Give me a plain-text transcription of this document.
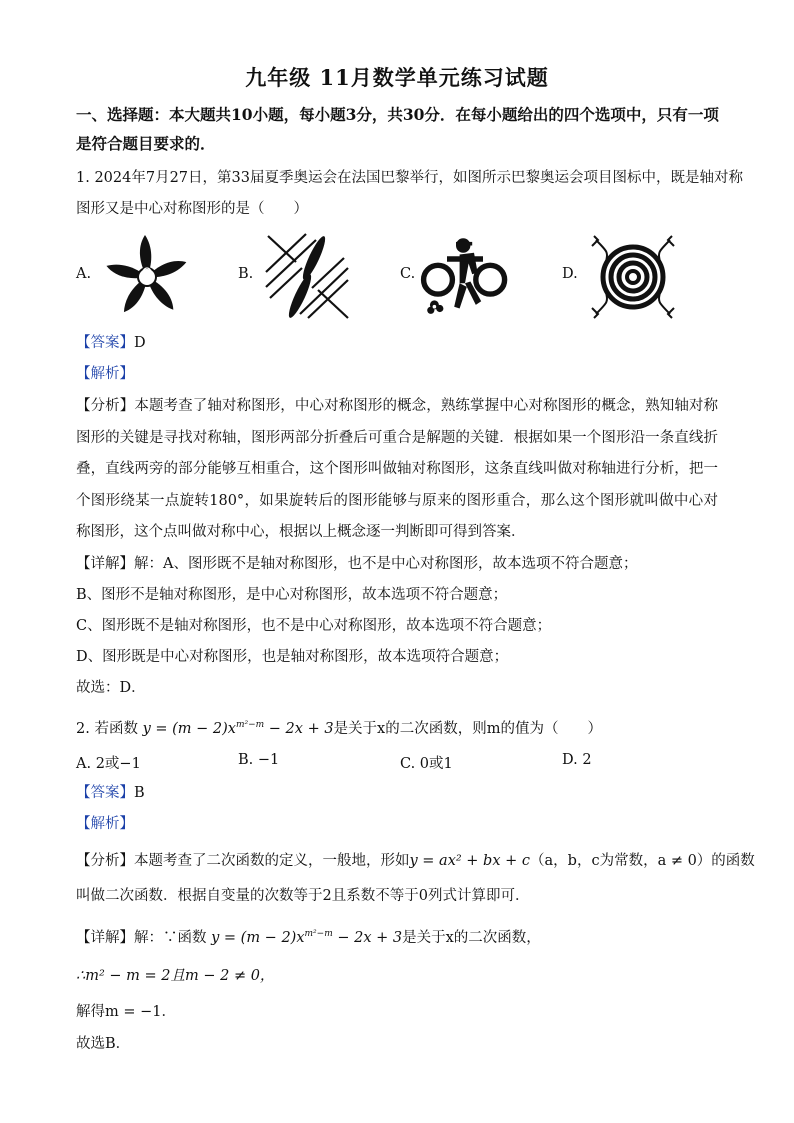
九年级 11月数学单元练习试题
一、选择题：本大题共10小题，每小题3分，共30分．在每小题给出的四个选项中，只有一项是符合题目要求的．
1. 2024年7月27日，第33届夏季奥运会在法国巴黎举行，如图所示巴黎奥运会项目图标中，既是轴对称
图形又是中心对称图形的是（　　）
A.	B.	C.	D.
【答案】D
【解析】
【分析】本题考查了轴对称图形，中心对称图形的概念，熟练掌握中心对称图形的概念，熟知轴对称图形的关键是寻找对称轴，图形两部分折叠后可重合是解题的关键．根据如果一个图形沿一条直线折叠，直线两旁的部分能够互相重合，这个图形叫做轴对称图形，这条直线叫做对称轴进行分析，把一个图形绕某一点旋转180°，如果旋转后的图形能够与原来的图形重合，那么这个图形就叫做中心对称图形，这个点叫做对称中心，根据以上概念逐一判断即可得到答案．
【详解】解：A、图形既不是轴对称图形，也不是中心对称图形，故本选项不符合题意；
B、图形不是轴对称图形，是中心对称图形，故本选项不符合题意；
C、图形既不是轴对称图形，也不是中心对称图形，故本选项不符合题意；
D、图形既是中心对称图形，也是轴对称图形，故本选项符合题意；
故选：D．
2. 若函数 $y = (m - 2)x^{m^2-m} - 2x + 3$是关于x的二次函数，则m的值为（　　）
A. 2或−1	B. −1	C. 0或1	D. 2
【答案】B
【解析】
【分析】本题考查了二次函数的定义，一般地，形如y = ax² + bx + c（a，b，c为常数，a ≠ 0）的函数
叫做二次函数．根据自变量的次数等于2且系数不等于0列式计算即可．
【详解】解：∵函数 $y = (m - 2)x^{m^2-m} - 2x + 3$是关于x的二次函数，
∴m² − m = 2且m − 2 ≠ 0，
解得m = −1．
故选B．
